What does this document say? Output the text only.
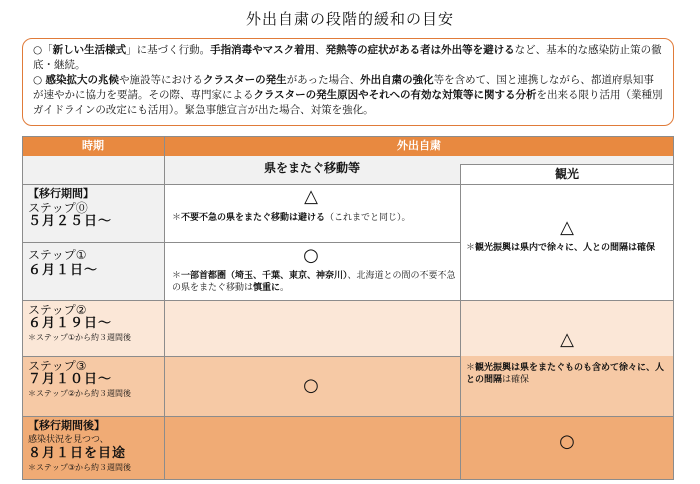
外出自粛の段階的緩和の目安

○「新しい生活様式」に基づく行動。手指消毒やマスク着用、発熱等の症状がある者は外出等を避けるなど、基本的な感染防止策の徹底・継続。

○ 感染拡大の兆候や施設等におけるクラスターの発生があった場合、外出自粛の強化等を含めて、国と連携しながら、都道府県知事が速やかに協力を要請。その際、専門家によるクラスターの発生原因やそれへの有効な対策等に関する分析を出来る限り活用（業種別ガイドラインの改定にも活用）。緊急事態宣言が出た場合、対策を強化。

時期	外出自粛
県をまたぐ移動等	観光
【移行期間】
ステップ⓪
５月２５日～
ステップ①
６月１日～
ステップ②
６月１９日～
＊ステップ①から約３週間後
ステップ③
７月１０日～
＊ステップ②から約３週間後
【移行期間後】
感染状況を見つつ、
８月１日を目途
＊ステップ③から約３週間後
△
＊不要不急の県をまたぐ移動は避ける（これまでと同じ）。
○
＊一部首都圏（埼玉、千葉、東京、神奈川）、北海道との間の不要不急の県をまたぐ移動は慎重に。
○
△
＊観光振興は県内で徐々に、人との間隔は確保
△
＊観光振興は県をまたぐものも含めて徐々に、人との間隔は確保
○
